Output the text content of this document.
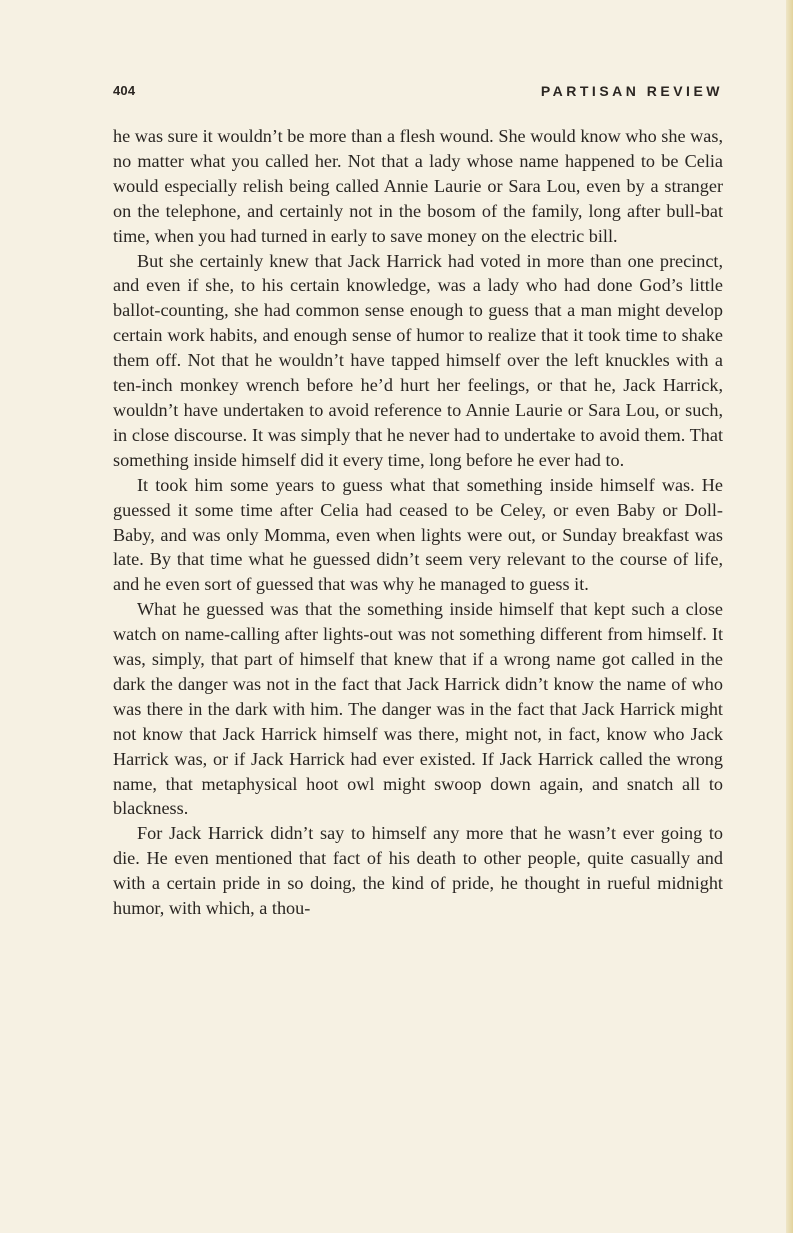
404	PARTISAN REVIEW

he was sure it wouldn’t be more than a flesh wound. She would know who she was, no matter what you called her. Not that a lady whose name happened to be Celia would especially relish being called Annie Laurie or Sara Lou, even by a stranger on the telephone, and certainly not in the bosom of the family, long after bull-bat time, when you had turned in early to save money on the electric bill.

But she certainly knew that Jack Harrick had voted in more than one precinct, and even if she, to his certain knowledge, was a lady who had done God’s little ballot-counting, she had common sense enough to guess that a man might develop certain work habits, and enough sense of humor to realize that it took time to shake them off. Not that he wouldn’t have tapped himself over the left knuckles with a ten-inch monkey wrench before he’d hurt her feelings, or that he, Jack Harrick, wouldn’t have undertaken to avoid reference to Annie Laurie or Sara Lou, or such, in close discourse. It was simply that he never had to undertake to avoid them. That something inside himself did it every time, long before he ever had to.

It took him some years to guess what that something inside himself was. He guessed it some time after Celia had ceased to be Celey, or even Baby or Doll-Baby, and was only Momma, even when lights were out, or Sunday breakfast was late. By that time what he guessed didn’t seem very relevant to the course of life, and he even sort of guessed that was why he managed to guess it.

What he guessed was that the something inside himself that kept such a close watch on name-calling after lights-out was not something different from himself. It was, simply, that part of himself that knew that if a wrong name got called in the dark the danger was not in the fact that Jack Harrick didn’t know the name of who was there in the dark with him. The danger was in the fact that Jack Harrick might not know that Jack Harrick himself was there, might not, in fact, know who Jack Harrick was, or if Jack Harrick had ever existed. If Jack Harrick called the wrong name, that metaphysical hoot owl might swoop down again, and snatch all to blackness.

For Jack Harrick didn’t say to himself any more that he wasn’t ever going to die. He even mentioned that fact of his death to other people, quite casually and with a certain pride in so doing, the kind of pride, he thought in rueful midnight humor, with which, a thou-
